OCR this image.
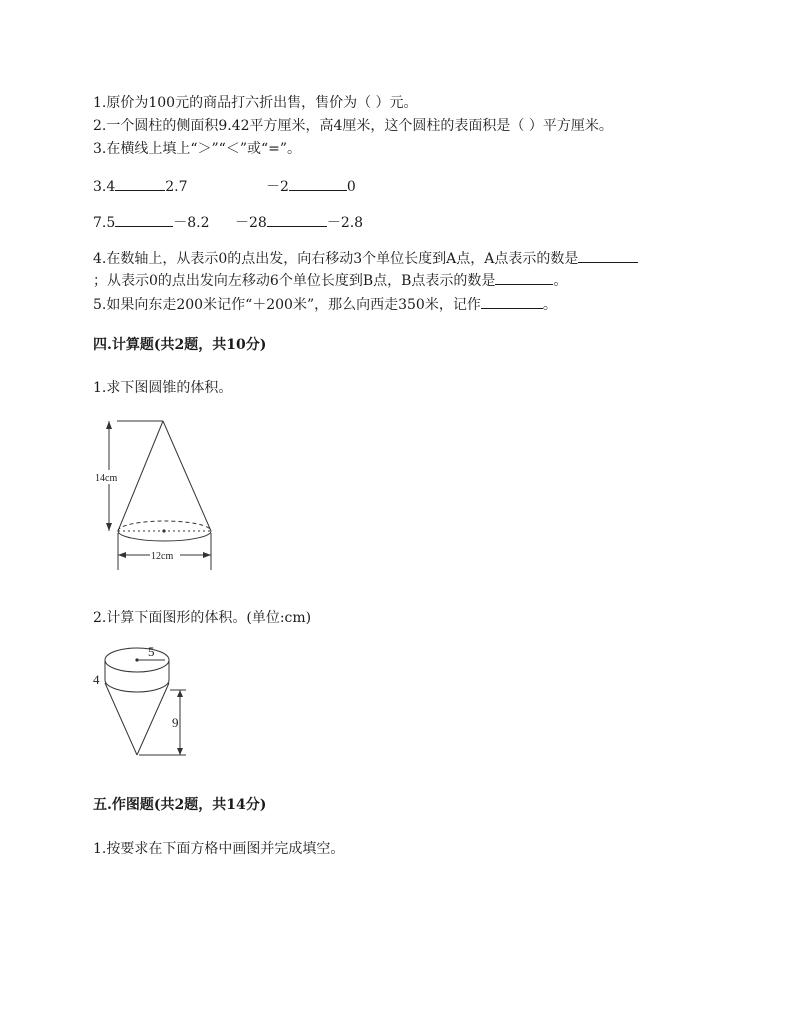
1.原价为100元的商品打六折出售，售价为（ ）元。
2.一个圆柱的侧面积9.42平方厘米，高4厘米，这个圆柱的表面积是（ ）平方厘米。
3.在横线上填上“＞”“＜”或“=”。
3.4	2.7	－2	0
7.5	－8.2 －28	－2.8
4.在数轴上，从表示0的点出发，向右移动3个单位长度到A点，A点表示的数是
；从表示0的点出发向左移动6个单位长度到B点，B点表示的数是	。
5.如果向东走200米记作“＋200米”，那么向西走350米，记作	。
四.计算题(共2题，共10分)
1.求下图圆锥的体积。
14cm
12cm
2.计算下面图形的体积。(单位:cm)
5
4
9
五.作图题(共2题，共14分)
1.按要求在下面方格中画图并完成填空。
